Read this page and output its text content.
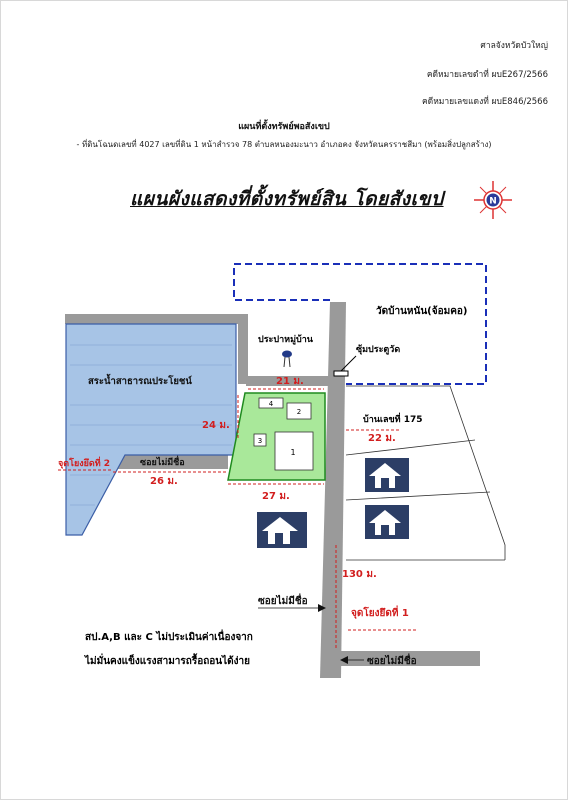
ศาลจังหวัดบัวใหญ่
คดีหมายเลขดำที่ ผบE267/2566
คดีหมายเลขแดงที่ ผบE846/2566
แผนที่ตั้งทรัพย์พอสังเขป
- ที่ดินโฉนดเลขที่ 4027 เลขที่ดิน 1 หน้าสำรวจ 78 ตำบลหนองมะนาว อำเภอคง จังหวัดนครราชสีมา (พร้อมสิ่งปลูกสร้าง)
แผนผังแสดงที่ตั้งทรัพย์สิน โดยสังเขป	N
วัดบ้านหนัน(จ้อมคอ)
สระน้ำสาธารณประโยชน์
4
2
3
1
ประปาหมู่บ้าน
ซุ้มประตูวัด
บ้านเลขที่ 175
21 ม.
24 ม.
27 ม.
26 ม.
22 ม.
130 ม.
จุดโยงยึดที่ 2
จุดโยงยึดที่ 1
ซอยไม่มีชื่อ
ซอยไม่มีชื่อ
ซอยไม่มีชื่อ
สป.A,B และ C ไม่ประเมินค่าเนื่องจาก
ไม่มั่นคงแข็งแรงสามารถรื้อถอนได้ง่าย
